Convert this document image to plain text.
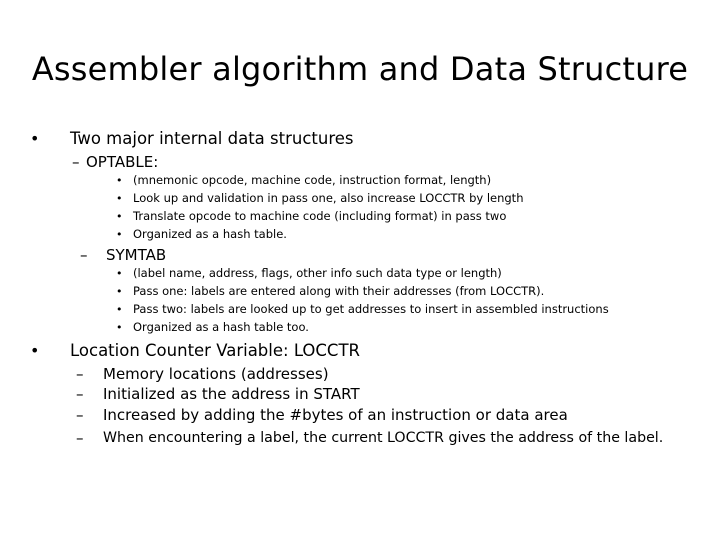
Assembler algorithm and Data Structure
• Two major internal data structures
– OPTABLE:
• (mnemonic opcode, machine code, instruction format, length)
• Look up and validation in pass one, also increase LOCCTR by length
• Translate opcode to machine code (including format) in pass two
• Organized as a hash table.
– SYMTAB
• (label name, address, flags, other info such data type or length)
• Pass one: labels are entered along with their addresses (from LOCCTR).
• Pass two: labels are looked up to get addresses to insert in assembled instructions
• Organized as a hash table too.
• Location Counter Variable: LOCCTR
– Memory locations (addresses)
– Initialized as the address in START
– Increased by adding the #bytes of an instruction or data area
– When encountering a label, the current LOCCTR gives the address of the label.
